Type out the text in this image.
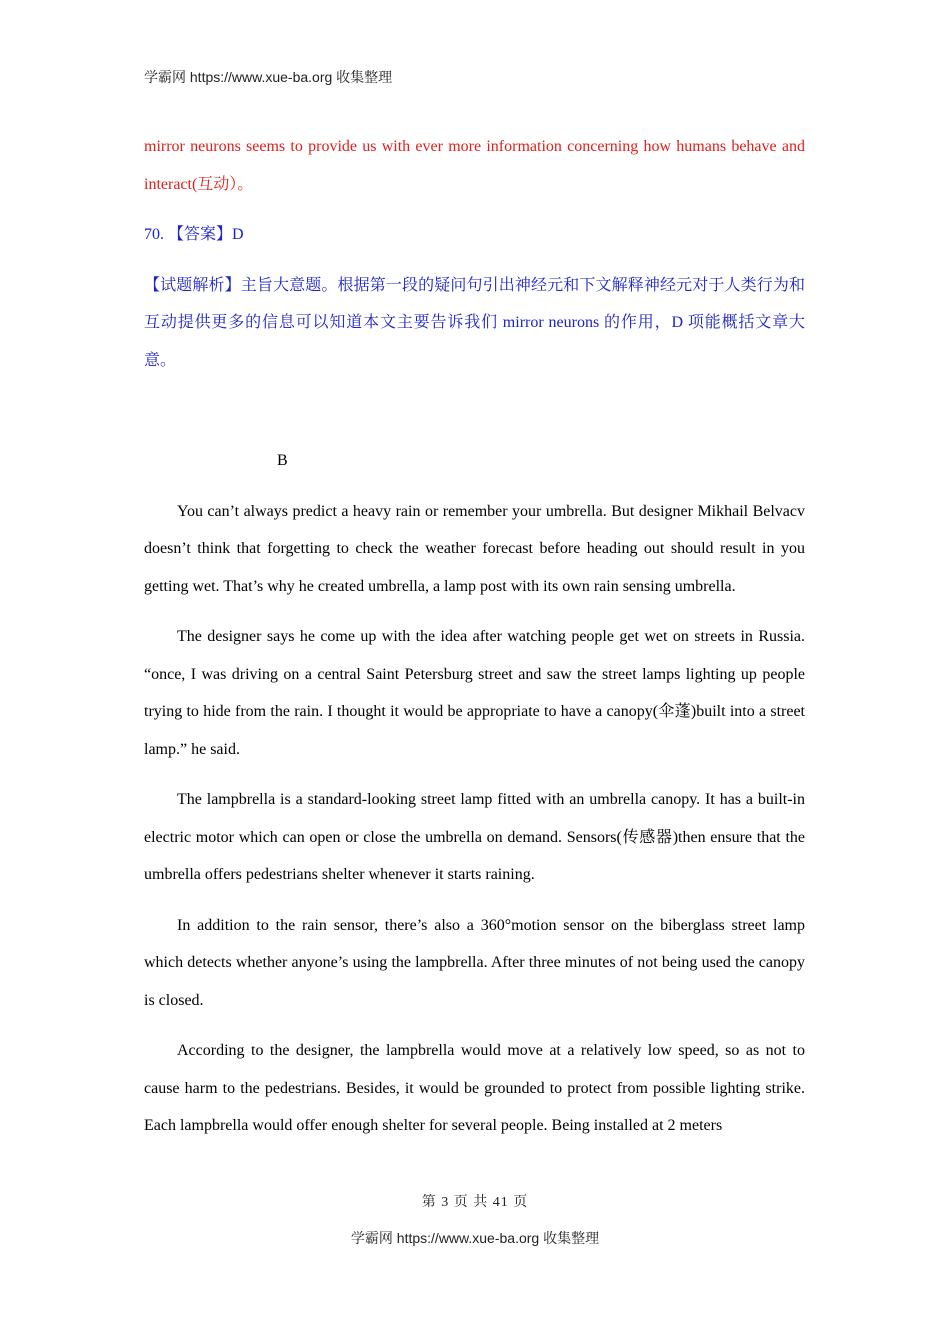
学霸网 https://www.xue-ba.org 收集整理

mirror neurons seems to provide us with ever more information concerning how humans behave and interact(互动）。

70. 【答案】D

【试题解析】主旨大意题。根据第一段的疑问句引出神经元和下文解释神经元对于人类行为和互动提供更多的信息可以知道本文主要告诉我们 mirror neurons 的作用，D 项能概括文章大意。

B

You can’t always predict a heavy rain or remember your umbrella. But designer Mikhail Belvacv doesn’t think that forgetting to check the weather forecast before heading out should result in you getting wet. That’s why he created umbrella, a lamp post with its own rain sensing umbrella.

The designer says he come up with the idea after watching people get wet on streets in Russia. “once, I was driving on a central Saint Petersburg street and saw the street lamps lighting up people trying to hide from the rain. I thought it would be appropriate to have a canopy(伞蓬)built into a street lamp.” he said.

The lampbrella is a standard-looking street lamp fitted with an umbrella canopy. It has a built-in electric motor which can open or close the umbrella on demand. Sensors(传感器)then ensure that the umbrella offers pedestrians shelter whenever it starts raining.

In addition to the rain sensor, there’s also a 360°motion sensor on the biberglass street lamp which detects whether anyone’s using the lampbrella. After three minutes of not being used the canopy is closed.

According to the designer, the lampbrella would move at a relatively low speed, so as not to cause harm to the pedestrians. Besides, it would be grounded to protect from possible lighting strike. Each lampbrella would offer enough shelter for several people. Being installed at 2 meters

第 3 页 共 41 页
学霸网 https://www.xue-ba.org 收集整理
